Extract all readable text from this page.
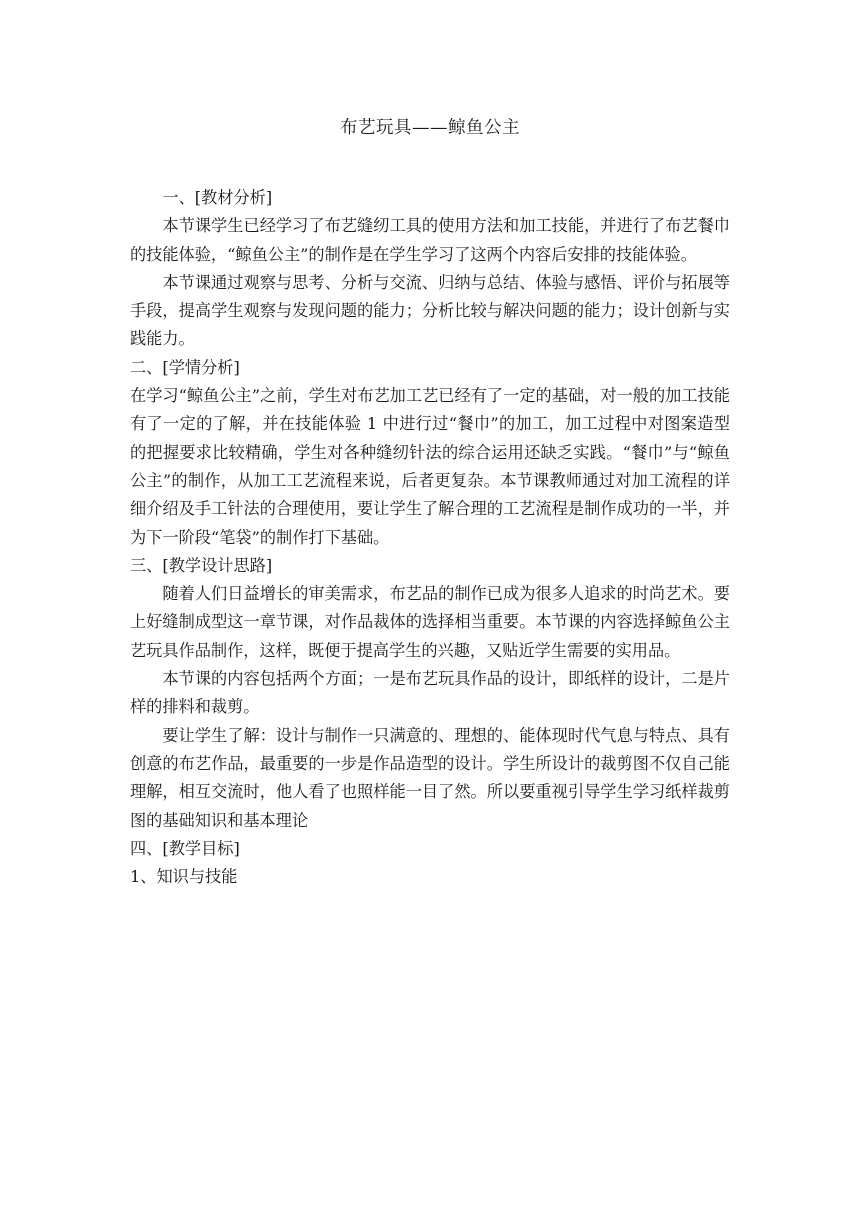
布艺玩具——鲸鱼公主

一、[教材分析]

本节课学生已经学习了布艺缝纫工具的使用方法和加工技能，并进行了布艺餐巾的技能体验，“鲸鱼公主”的制作是在学生学习了这两个内容后安排的技能体验。

本节课通过观察与思考、分析与交流、归纳与总结、体验与感悟、评价与拓展等手段，提高学生观察与发现问题的能力；分析比较与解决问题的能力；设计创新与实践能力。

二、[学情分析]

在学习“鲸鱼公主”之前，学生对布艺加工艺已经有了一定的基础，对一般的加工技能有了一定的了解，并在技能体验 1 中进行过“餐巾”的加工，加工过程中对图案造型的把握要求比较精确，学生对各种缝纫针法的综合运用还缺乏实践。“餐巾”与“鲸鱼公主”的制作，从加工工艺流程来说，后者更复杂。本节课教师通过对加工流程的详细介绍及手工针法的合理使用，要让学生了解合理的工艺流程是制作成功的一半，并为下一阶段“笔袋”的制作打下基础。

三、[教学设计思路]

随着人们日益增长的审美需求，布艺品的制作已成为很多人追求的时尚艺术。要上好缝制成型这一章节课，对作品裁体的选择相当重要。本节课的内容选择鲸鱼公主艺玩具作品制作，这样，既便于提高学生的兴趣，又贴近学生需要的实用品。

本节课的内容包括两个方面；一是布艺玩具作品的设计，即纸样的设计，二是片样的排料和裁剪。

要让学生了解：设计与制作一只满意的、理想的、能体现时代气息与特点、具有创意的布艺作品，最重要的一步是作品造型的设计。学生所设计的裁剪图不仅自己能理解，相互交流时，他人看了也照样能一目了然。所以要重视引导学生学习纸样裁剪图的基础知识和基本理论

四、[教学目标]

1、知识与技能
